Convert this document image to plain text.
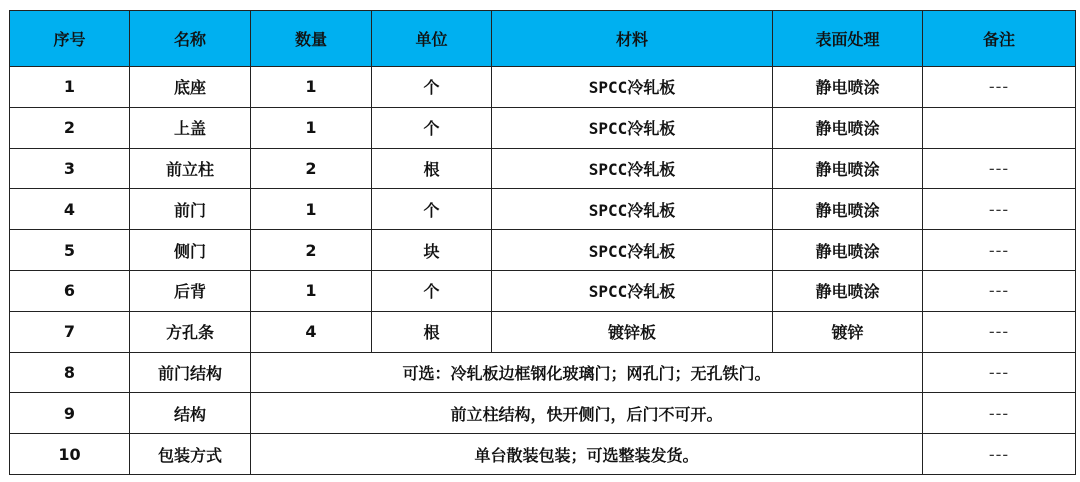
序号	名称	数量	单位	材料	表面处理	备注
1	底座	1	个	SPCC冷轧板	静电喷涂	---
2	上盖	1	个	SPCC冷轧板	静电喷涂	
3	前立柱	2	根	SPCC冷轧板	静电喷涂	---
4	前门	1	个	SPCC冷轧板	静电喷涂	---
5	侧门	2	块	SPCC冷轧板	静电喷涂	---
6	后背	1	个	SPCC冷轧板	静电喷涂	---
7	方孔条	4	根	镀锌板	镀锌	---
8	前门结构	可选：冷轧板边框钢化玻璃门；网孔门；无孔铁门。				---
9	结构	前立柱结构，快开侧门，后门不可开。				---
10	包装方式	单台散装包装；可选整装发货。				---
